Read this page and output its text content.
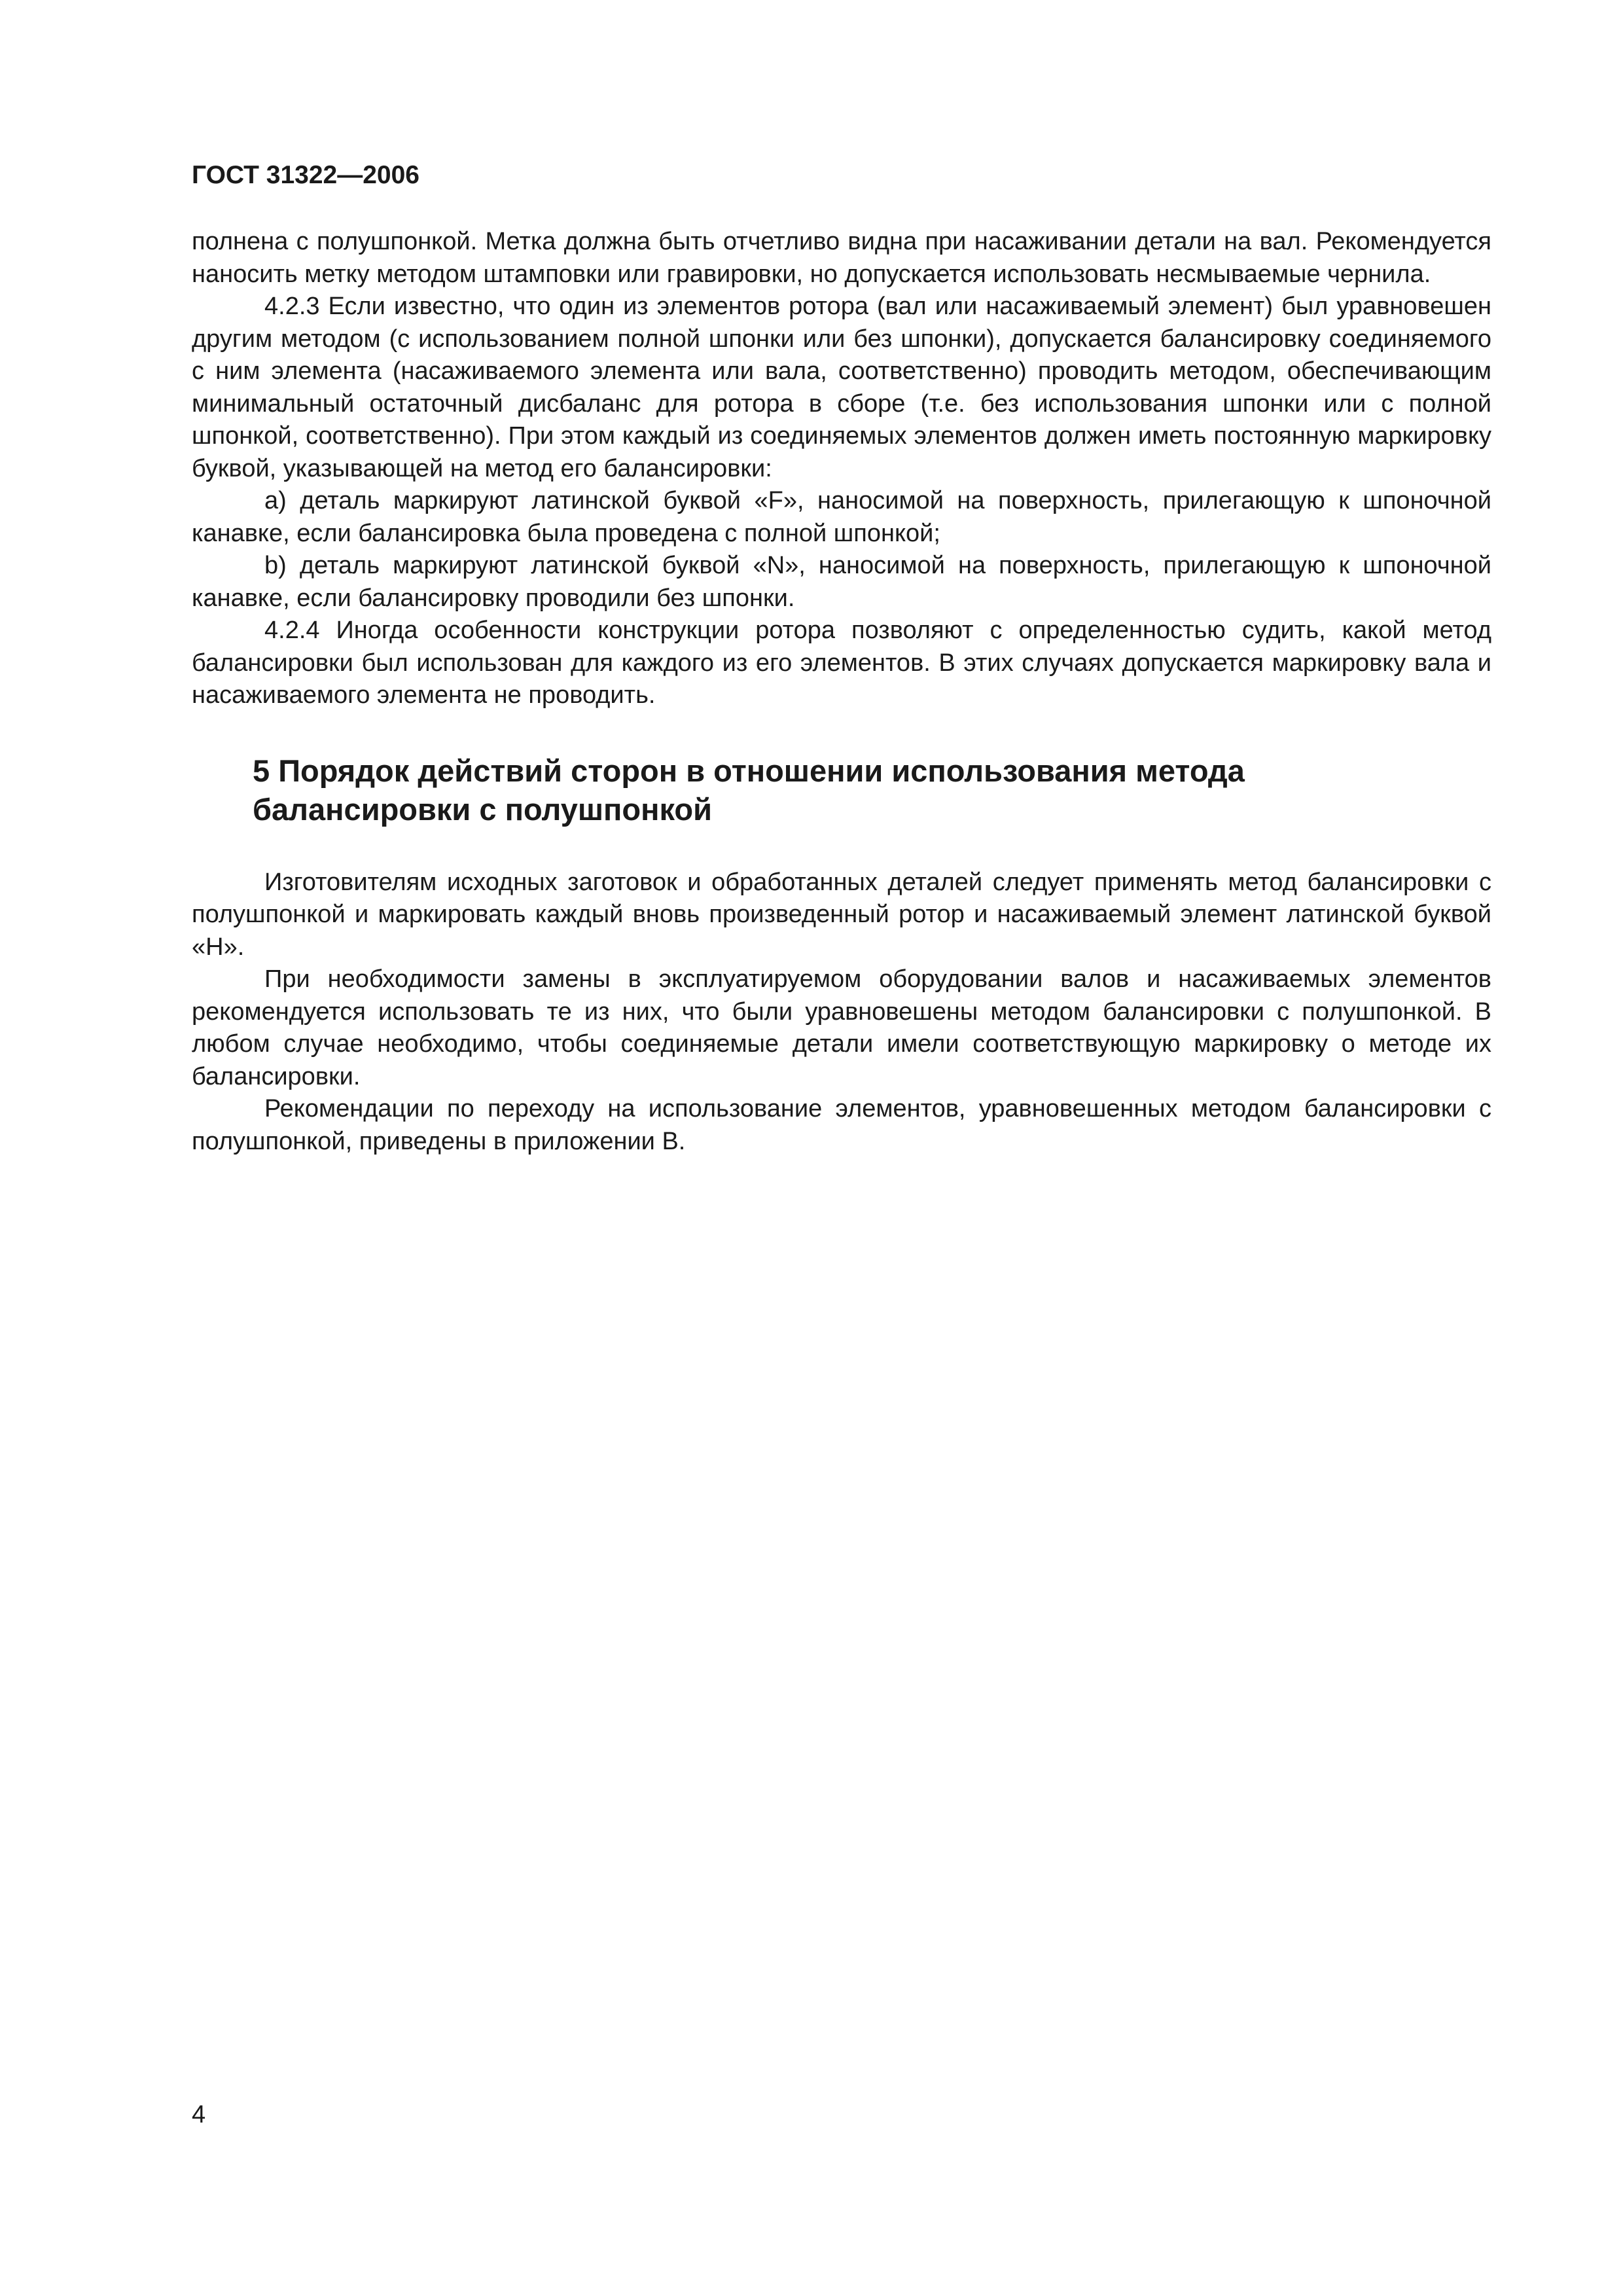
ГОСТ 31322—2006

полнена с полушпонкой. Метка должна быть отчетливо видна при насаживании детали на вал. Рекомендуется наносить метку методом штамповки или гравировки, но допускается использовать несмываемые чернила.

4.2.3 Если известно, что один из элементов ротора (вал или насаживаемый элемент) был уравновешен другим методом (с использованием полной шпонки или без шпонки), допускается балансировку соединяемого с ним элемента (насаживаемого элемента или вала, соответственно) проводить методом, обеспечивающим минимальный остаточный дисбаланс для ротора в сборе (т.е. без использования шпонки или с полной шпонкой, соответственно). При этом каждый из соединяемых элементов должен иметь постоянную маркировку буквой, указывающей на метод его балансировки:

a) деталь маркируют латинской буквой «F», наносимой на поверхность, прилегающую к шпоночной канавке, если балансировка была проведена с полной шпонкой;

b) деталь маркируют латинской буквой «N», наносимой на поверхность, прилегающую к шпоночной канавке, если балансировку проводили без шпонки.

4.2.4 Иногда особенности конструкции ротора позволяют с определенностью судить, какой метод балансировки был использован для каждого из его элементов. В этих случаях допускается маркировку вала и насаживаемого элемента не проводить.

5 Порядок действий сторон в отношении использования метода
балансировки с полушпонкой

Изготовителям исходных заготовок и обработанных деталей следует применять метод балансировки с полушпонкой и маркировать каждый вновь произведенный ротор и насаживаемый элемент латинской буквой «H».

При необходимости замены в эксплуатируемом оборудовании валов и насаживаемых элементов рекомендуется использовать те из них, что были уравновешены методом балансировки с полушпонкой. В любом случае необходимо, чтобы соединяемые детали имели соответствующую маркировку о методе их балансировки.

Рекомендации по переходу на использование элементов, уравновешенных методом балансировки с полушпонкой, приведены в приложении В.

4
